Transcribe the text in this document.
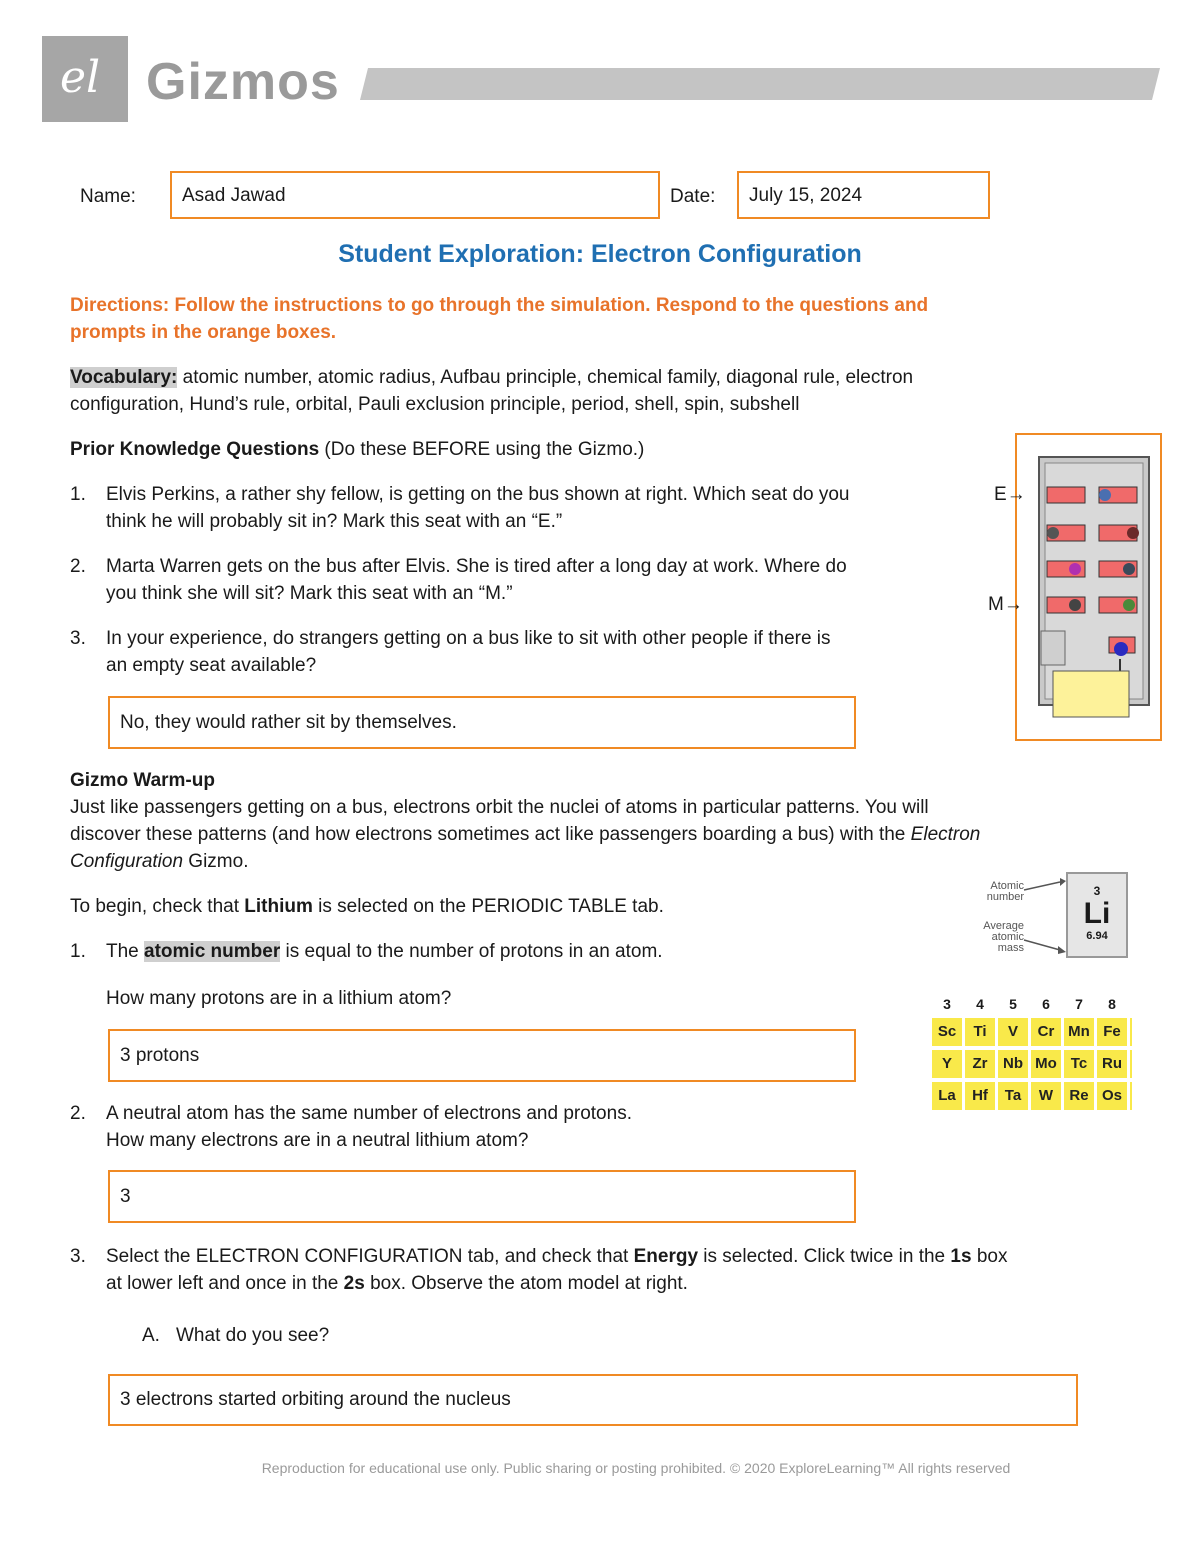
el Gizmos
Name: Asad Jawad	Date: July 15, 2024
Student Exploration: Electron Configuration
Directions: Follow the instructions to go through the simulation. Respond to the questions and
prompts in the orange boxes.
Vocabulary: atomic number, atomic radius, Aufbau principle, chemical family, diagonal rule, electron
configuration, Hund’s rule, orbital, Pauli exclusion principle, period, shell, spin, subshell
Prior Knowledge Questions (Do these BEFORE using the Gizmo.)
1. Elvis Perkins, a rather shy fellow, is getting on the bus shown at right. Which seat do you
think he will probably sit in? Mark this seat with an “E.”
2. Marta Warren gets on the bus after Elvis. She is tired after a long day at work. Where do
you think she will sit? Mark this seat with an “M.”
3. In your experience, do strangers getting on a bus like to sit with other people if there is
an empty seat available?
No, they would rather sit by themselves.
E→
M→
Gizmo Warm-up
Just like passengers getting on a bus, electrons orbit the nuclei of atoms in particular patterns. You will
discover these patterns (and how electrons sometimes act like passengers boarding a bus) with the Electron
Configuration Gizmo.
To begin, check that Lithium is selected on the PERIODIC TABLE tab.
1. The atomic number is equal to the number of protons in an atom.
How many protons are in a lithium atom?
3 protons
2. A neutral atom has the same number of electrons and protons.
How many electrons are in a neutral lithium atom?
3
3. Select the ELECTRON CONFIGURATION tab, and check that Energy is selected. Click twice in the 1s box
at lower left and once in the 2s box. Observe the atom model at right.
A. What do you see?
3 electrons started orbiting around the nucleus
Atomic
number
Average
atomic
mass
3
Li
6.94
3	4	5	6	7	8
Sc	Ti	V	Cr Mn Fe
Y	Zr	Nb Mo Tc Ru
La	Hf	Ta	W	Re Os
Reproduction for educational use only. Public sharing or posting prohibited. © 2020 ExploreLearning™ All rights reserved
